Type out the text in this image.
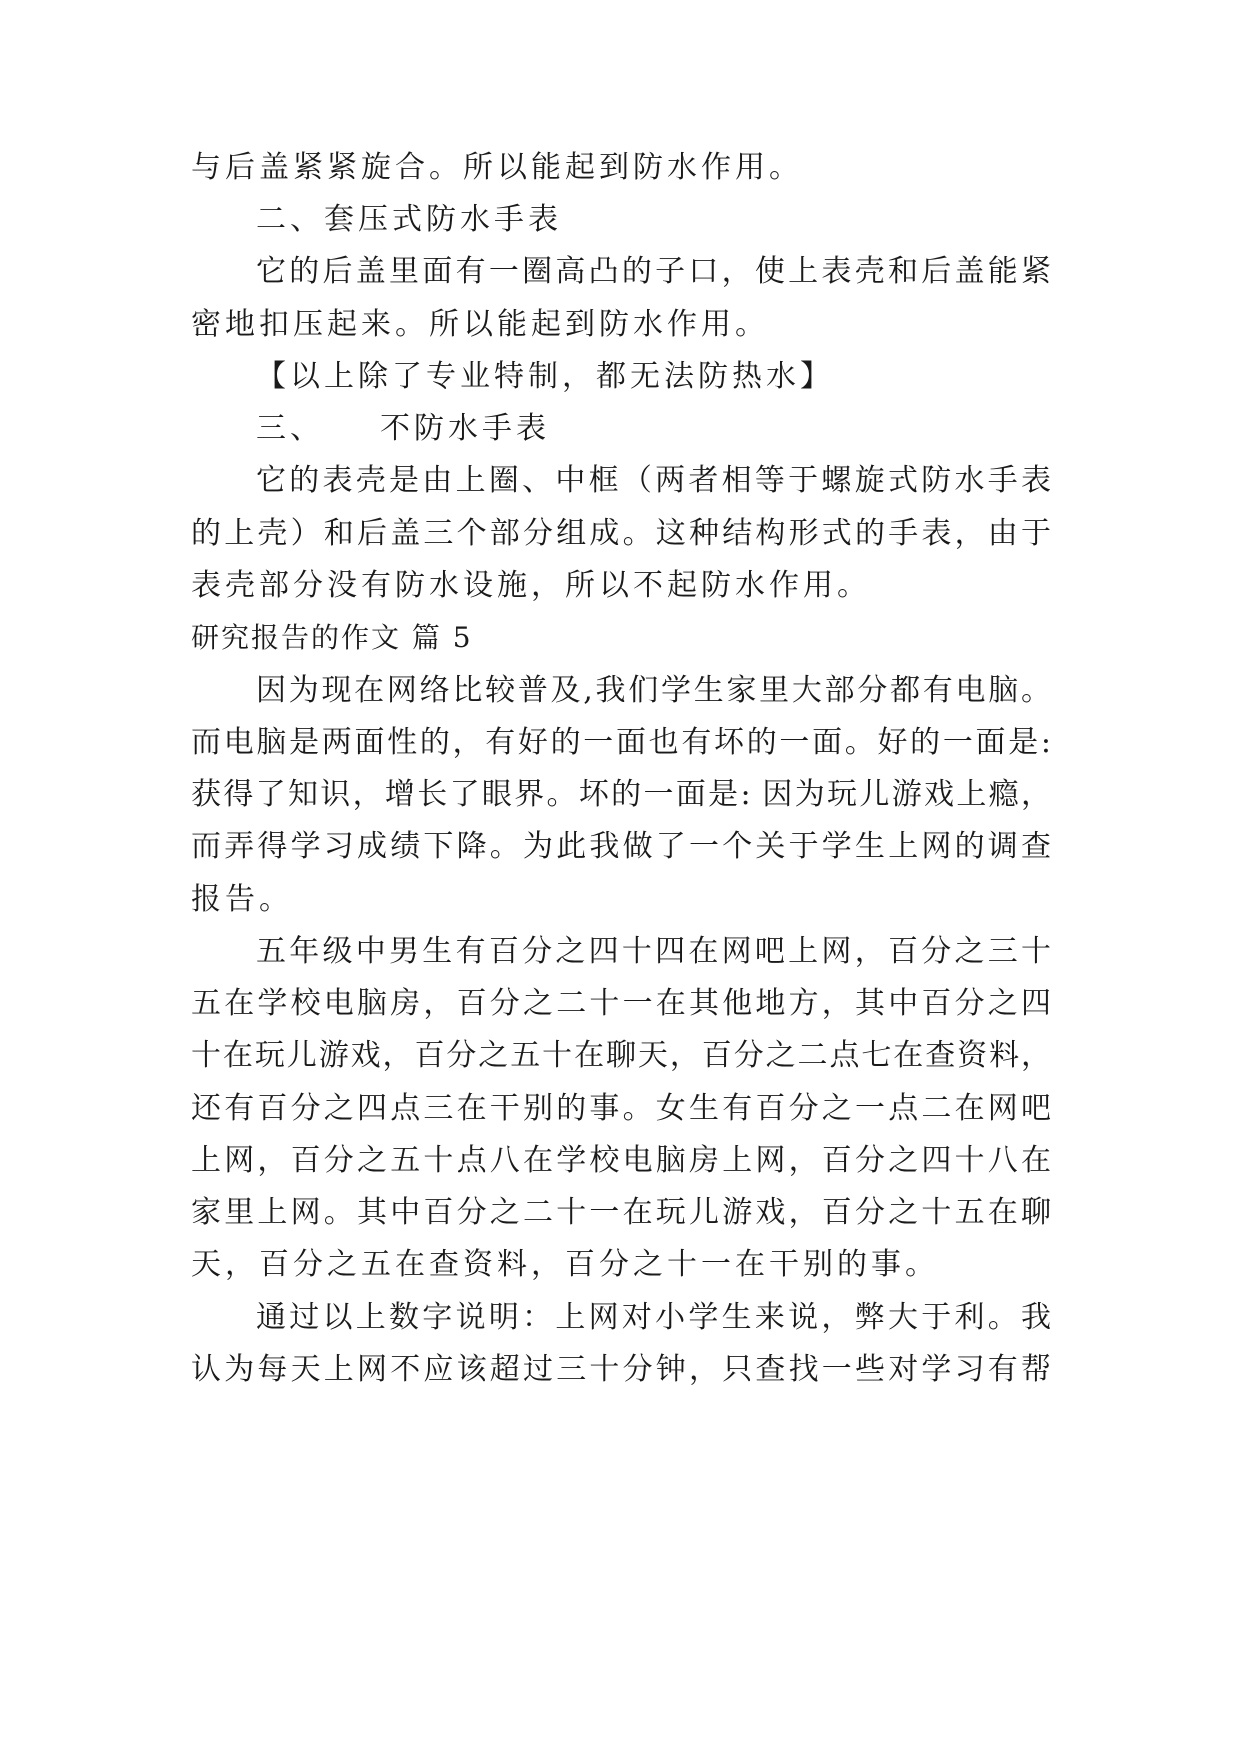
与后盖紧紧旋合。所以能起到防水作用。
二、套压式防水手表
它的后盖里面有一圈高凸的子口，使上表壳和后盖能紧
密地扣压起来。所以能起到防水作用。
【以上除了专业特制，都无法防热水】
三、 不防水手表
它的表壳是由上圈、中框（两者相等于螺旋式防水手表
的上壳）和后盖三个部分组成。这种结构形式的手表，由于
表壳部分没有防水设施，所以不起防水作用。
研究报告的作文 篇 5
因为现在网络比较普及,我们学生家里大部分都有电脑。
而电脑是两面性的，有好的一面也有坏的一面。好的一面是:
获得了知识，增长了眼界。坏的一面是: 因为玩儿游戏上瘾，
而弄得学习成绩下降。为此我做了一个关于学生上网的调查
报告。
五年级中男生有百分之四十四在网吧上网，百分之三十
五在学校电脑房，百分之二十一在其他地方，其中百分之四
十在玩儿游戏，百分之五十在聊天，百分之二点七在查资料，
还有百分之四点三在干别的事。女生有百分之一点二在网吧
上网，百分之五十点八在学校电脑房上网，百分之四十八在
家里上网。其中百分之二十一在玩儿游戏，百分之十五在聊
天，百分之五在查资料，百分之十一在干别的事。
通过以上数字说明：上网对小学生来说，弊大于利。我
认为每天上网不应该超过三十分钟，只查找一些对学习有帮
